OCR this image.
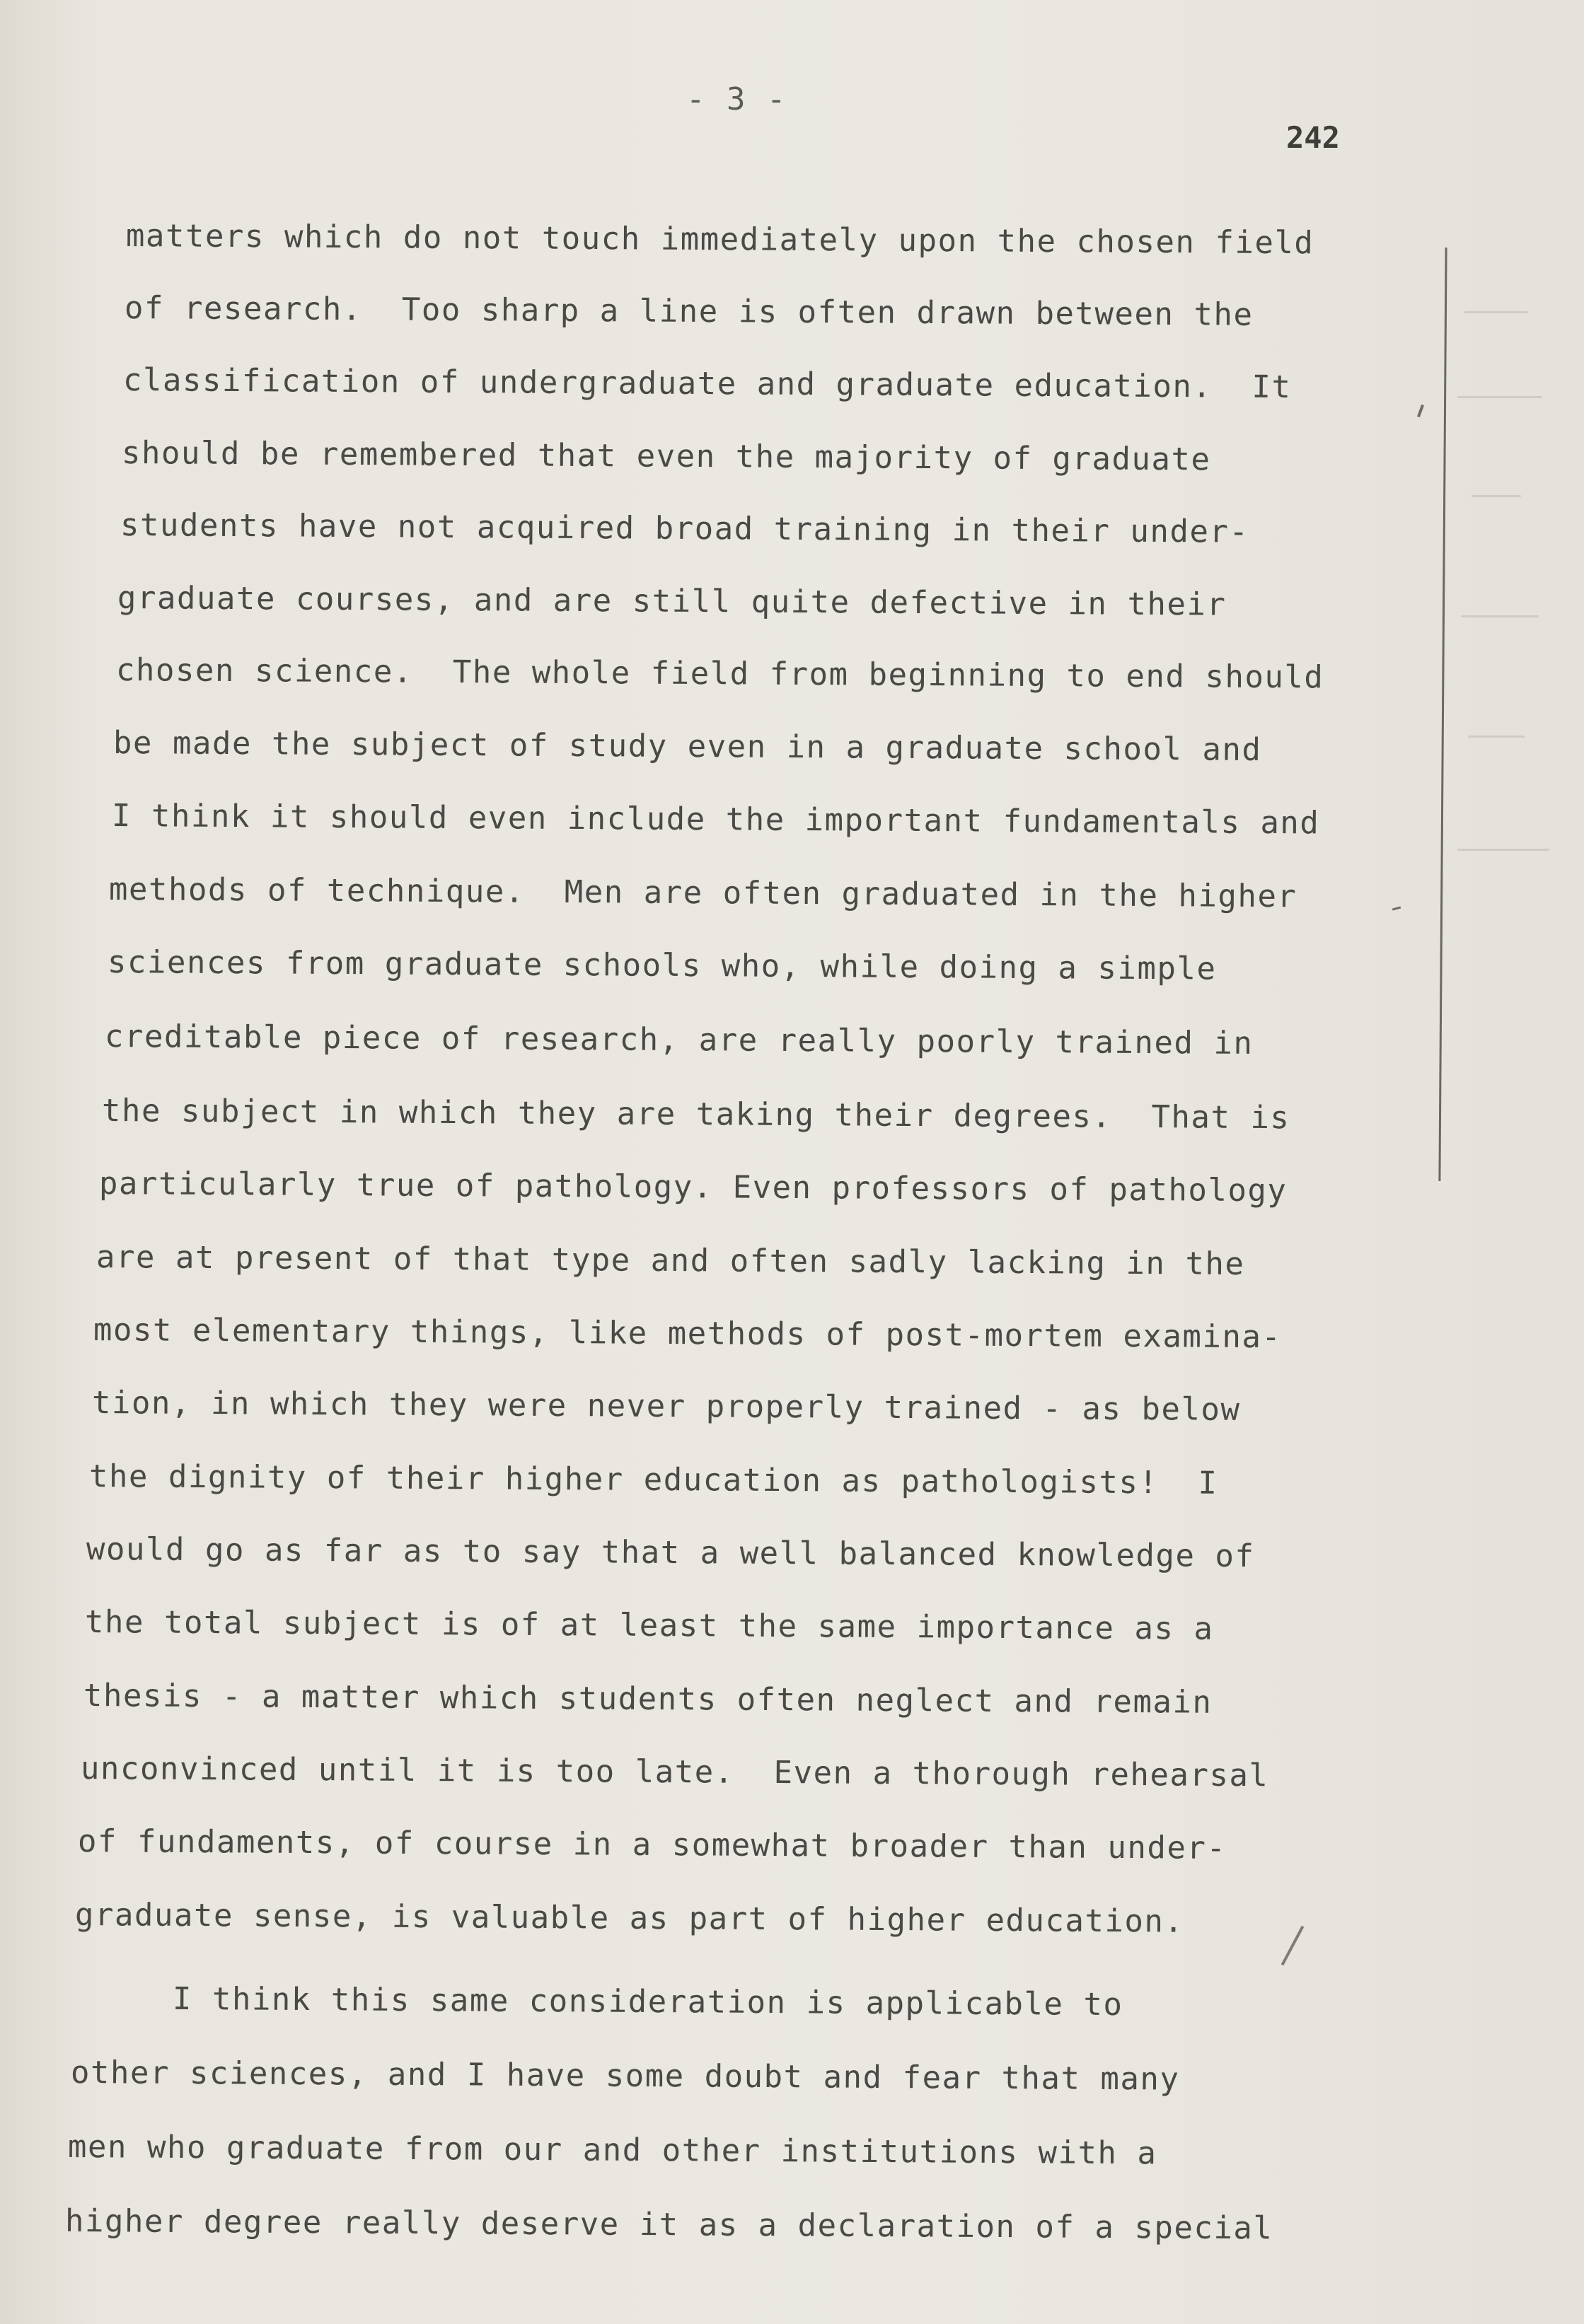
- 3 -
242
matters which do not touch immediately upon the chosen field
of research.  Too sharp a line is often drawn between the
classification of undergraduate and graduate education.  It
should be remembered that even the majority of graduate
students have not acquired broad training in their under-
graduate courses, and are still quite defective in their
chosen science.  The whole field from beginning to end should
be made the subject of study even in a graduate school and
I think it should even include the important fundamentals and
methods of technique.  Men are often graduated in the higher
sciences from graduate schools who, while doing a simple
creditable piece of research, are really poorly trained in
the subject in which they are taking their degrees.  That is
particularly true of pathology. Even professors of pathology
are at present of that type and often sadly lacking in the
most elementary things, like methods of post-mortem examina-
tion, in which they were never properly trained - as below
the dignity of their higher education as pathologists!  I
would go as far as to say that a well balanced knowledge of
the total subject is of at least the same importance as a
thesis - a matter which students often neglect and remain
unconvinced until it is too late.  Even a thorough rehearsal
of fundaments, of course in a somewhat broader than under-
graduate sense, is valuable as part of higher education.
I think this same consideration is applicable to
other sciences, and I have some doubt and fear that many
men who graduate from our and other institutions with a
higher degree really deserve it as a declaration of a special
